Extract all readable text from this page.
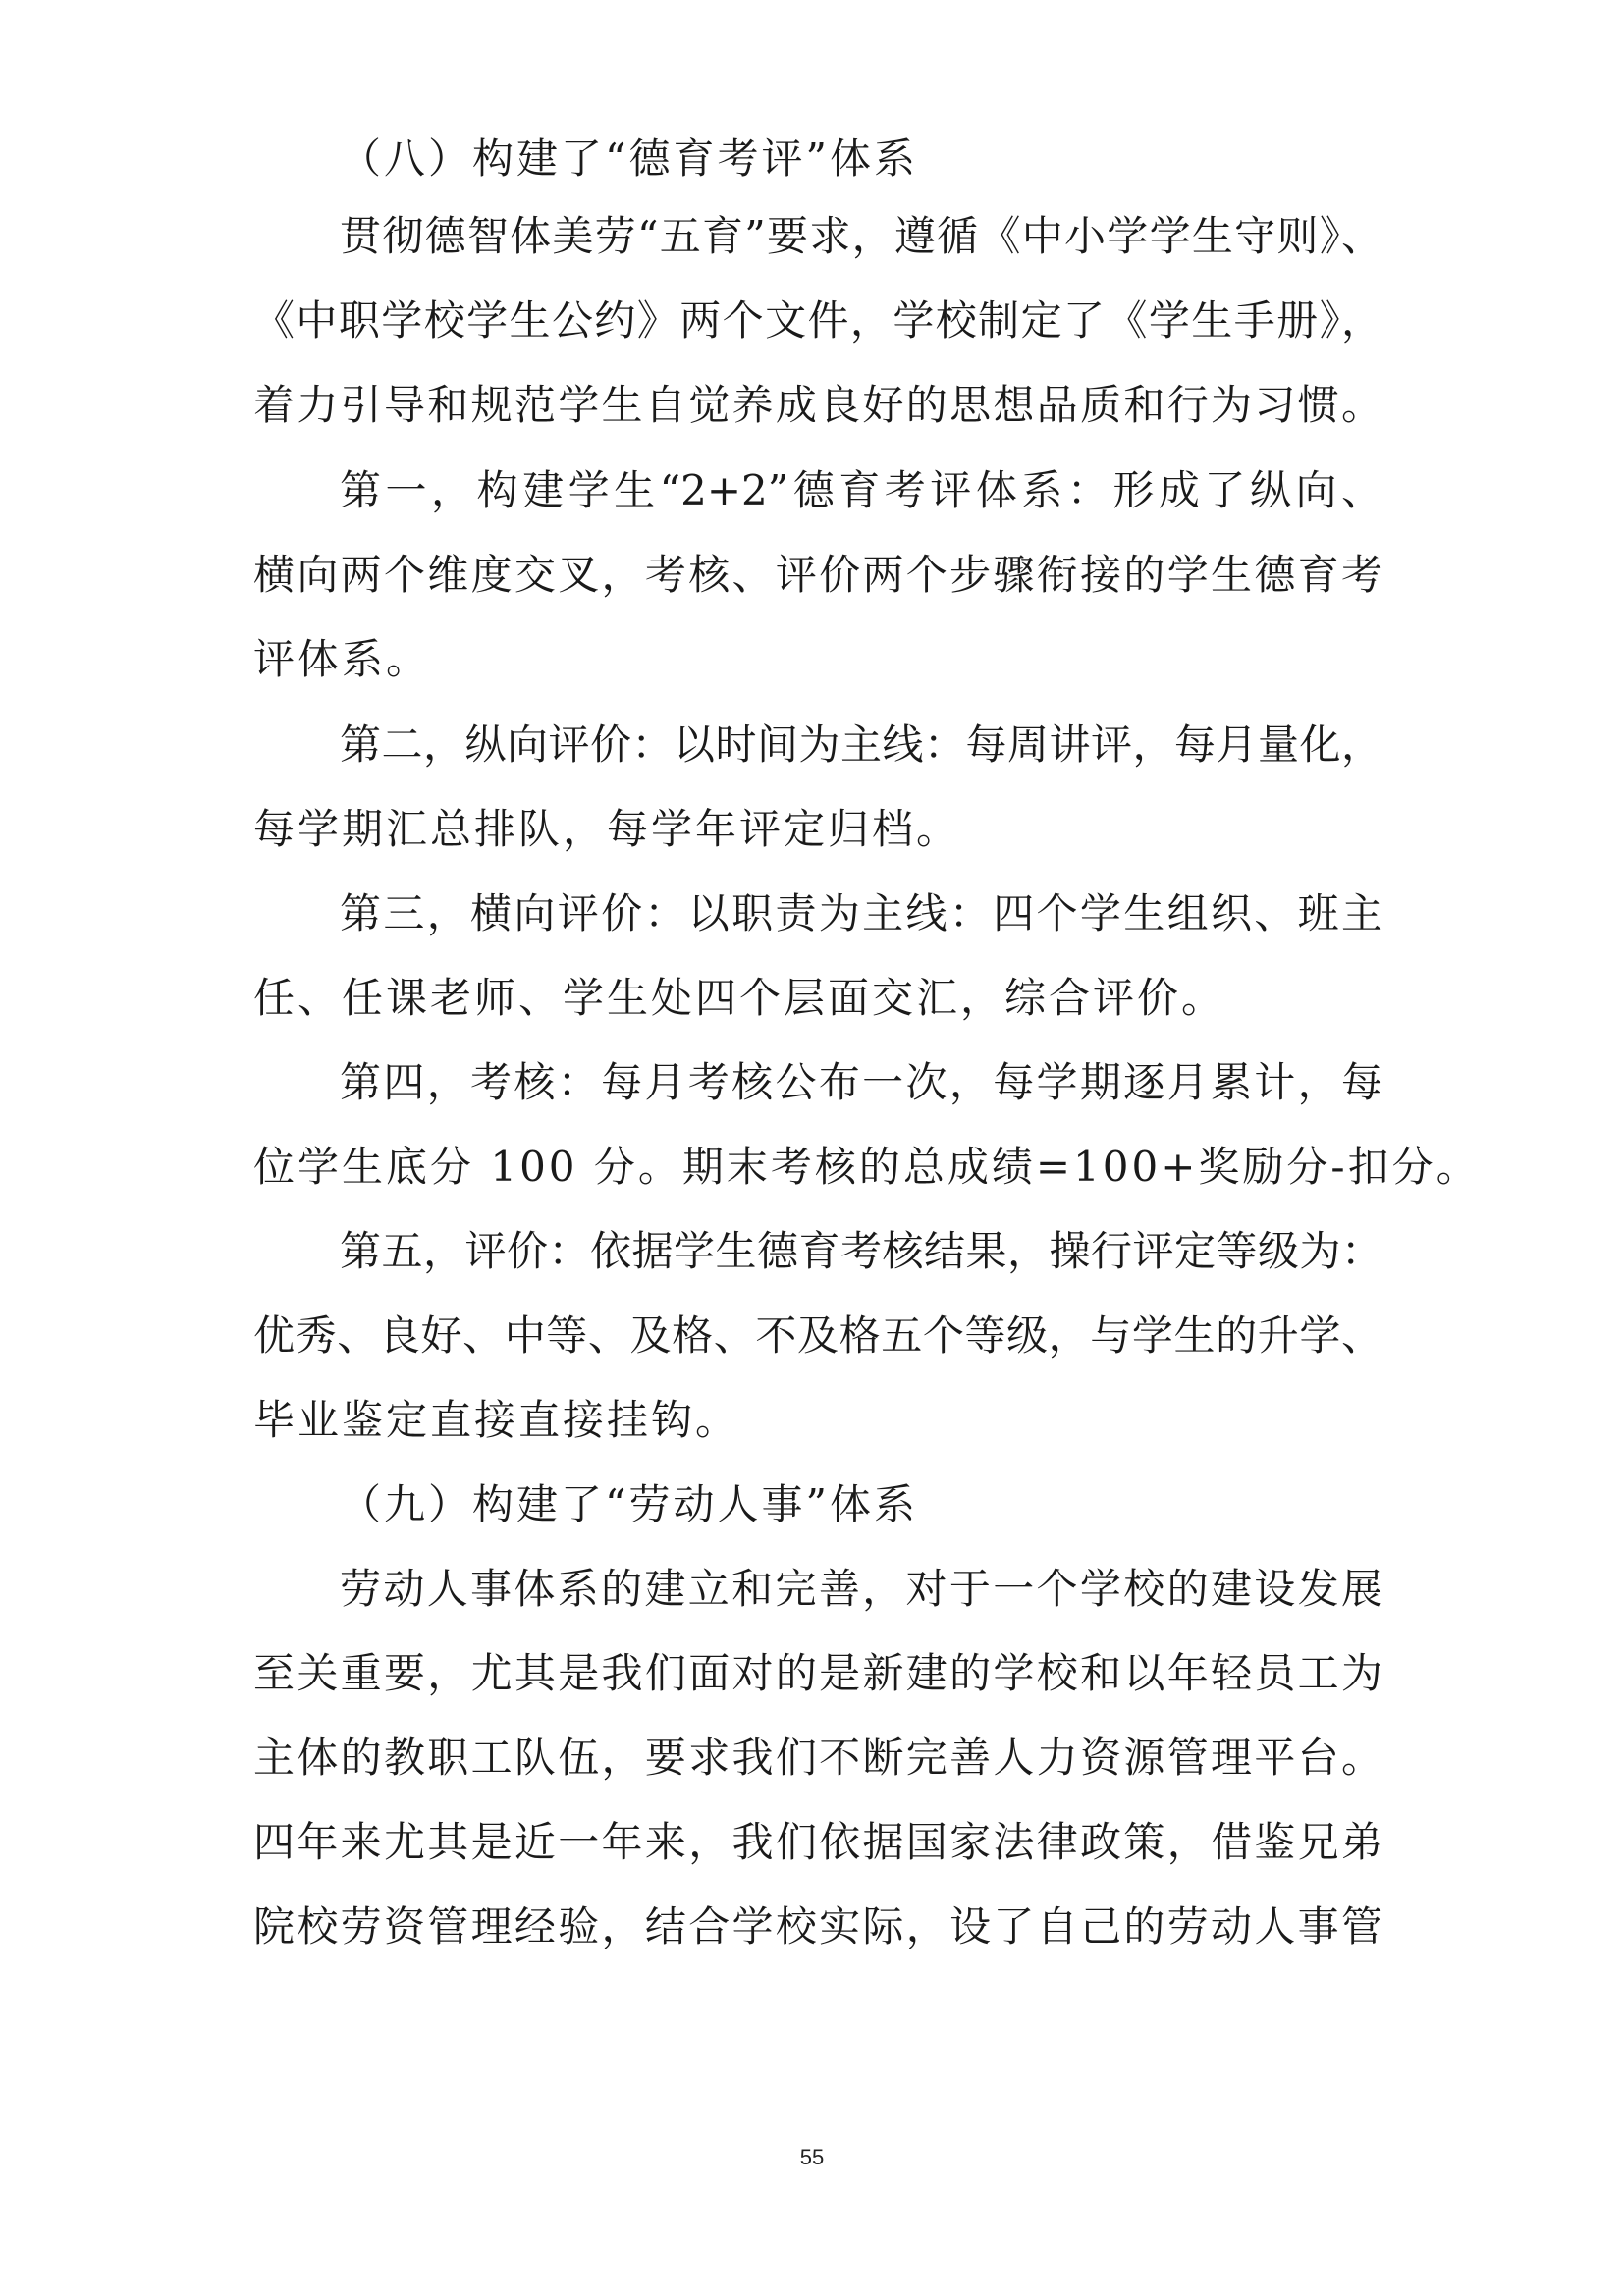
（八）构建了“德育考评”体系
贯彻德智体美劳“五育”要求，遵循《中小学学生守则》、
《中职学校学生公约》两个文件，学校制定了《学生手册》，
着力引导和规范学生自觉养成良好的思想品质和行为习惯。
第一，构建学生“2+2”德育考评体系：形成了纵向、
横向两个维度交叉，考核、评价两个步骤衔接的学生德育考
评体系。
第二，纵向评价：以时间为主线：每周讲评，每月量化，
每学期汇总排队，每学年评定归档。
第三，横向评价：以职责为主线：四个学生组织、班主
任、任课老师、学生处四个层面交汇，综合评价。
第四，考核：每月考核公布一次，每学期逐月累计，每
位学生底分 100 分。期末考核的总成绩=100+奖励分-扣分。
第五，评价：依据学生德育考核结果，操行评定等级为：
优秀、良好、中等、及格、不及格五个等级，与学生的升学、
毕业鉴定直接直接挂钩。
（九）构建了“劳动人事”体系
劳动人事体系的建立和完善，对于一个学校的建设发展
至关重要，尤其是我们面对的是新建的学校和以年轻员工为
主体的教职工队伍，要求我们不断完善人力资源管理平台。
四年来尤其是近一年来，我们依据国家法律政策，借鉴兄弟
院校劳资管理经验，结合学校实际，设了自己的劳动人事管
55
